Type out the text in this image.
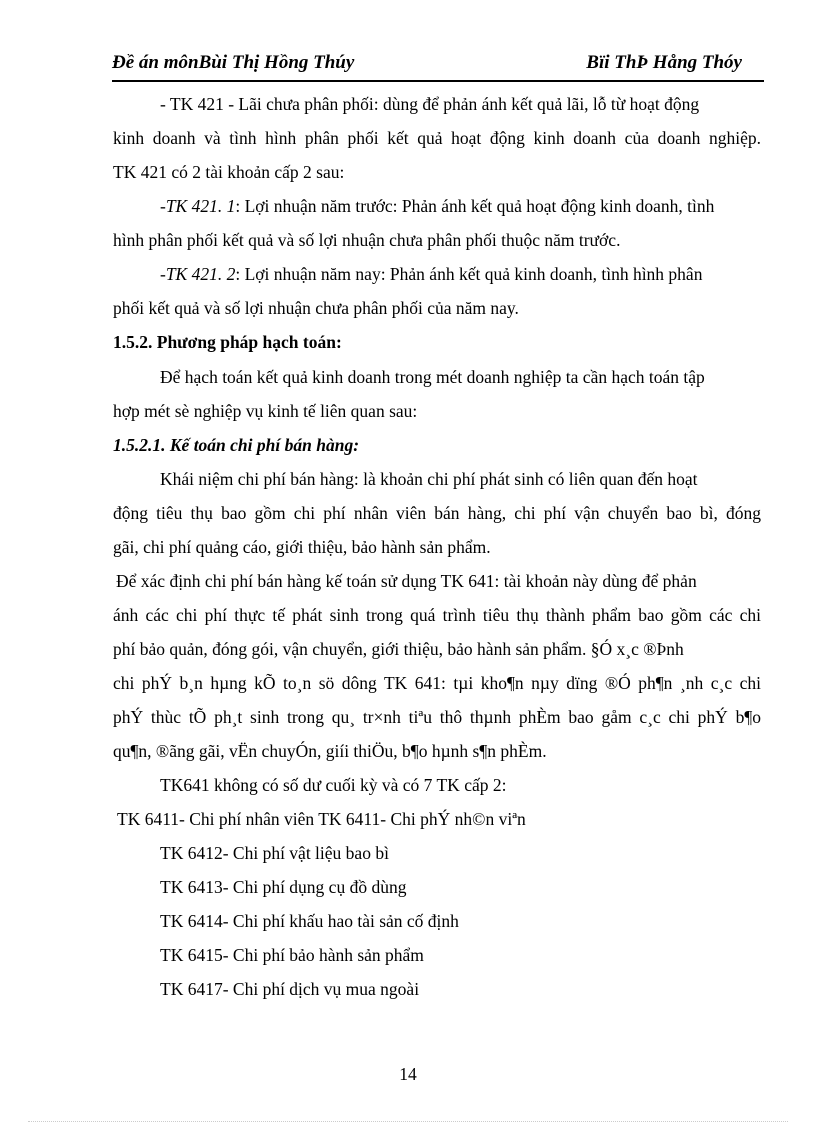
Đề án mônBùi Thị Hồng Thúy	Bïi ThÞ Hång Thóy
- TK 421 - Lãi chưa phân phối: dùng để phản ánh kết quả lãi, lỗ từ hoạt động
kinh doanh và tình hình phân phối kết quả hoạt động kinh doanh của doanh nghiệp.
TK 421 có 2 tài khoản cấp 2 sau:
-TK 421. 1: Lợi nhuận năm trước: Phản ánh kết quả hoạt động kinh doanh, tình
hình phân phối kết quả và số lợi nhuận chưa phân phối thuộc năm trước.
-TK 421. 2: Lợi nhuận năm nay: Phản ánh kết quả kinh doanh, tình hình phân
phối kết quả và số lợi nhuận chưa phân phối của năm nay.
1.5.2. Phương pháp hạch toán:
Để hạch toán kết quả kinh doanh trong mét doanh nghiệp ta cần hạch toán tập
hợp mét sè nghiệp vụ kinh tế liên quan sau:
1.5.2.1. Kế toán chi phí bán hàng:
Khái niệm chi phí bán hàng: là khoản chi phí phát sinh có liên quan đến hoạt
động tiêu thụ bao gồm chi phí nhân viên bán hàng, chi phí vận chuyển bao bì, đóng
gãi, chi phí quảng cáo, giới thiệu, bảo hành sản phẩm.
Để xác định chi phí bán hàng kế toán sử dụng TK 641: tài khoản này dùng để phản
ánh các chi phí thực tế phát sinh trong quá trình tiêu thụ thành phẩm bao gồm các chi
phí bảo quản, đóng gói, vận chuyển, giới thiệu, bảo hành sản phẩm. §Ó x¸c ®Þnh
chi phÝ b¸n hµng kÕ to¸n sö dông TK 641: tµi kho¶n nµy dïng ®Ó ph¶n ¸nh c¸c chi
phÝ thùc tÕ ph¸t sinh trong qu¸ tr×nh tiªu thô thµnh phÈm bao gåm c¸c chi phÝ b¶o
qu¶n, ®ãng gãi, vËn chuyÓn, giíi thiÖu, b¶o hµnh s¶n phÈm.
TK641 không có số dư cuối kỳ và có 7 TK cấp 2:
TK 6411- Chi phí nhân viên TK 6411- Chi phÝ nh©n viªn
TK 6412- Chi phí vật liệu bao bì
TK 6413- Chi phí dụng cụ đồ dùng
TK 6414- Chi phí khấu hao tài sản cố định
TK 6415- Chi phí bảo hành sản phẩm
TK 6417- Chi phí dịch vụ mua ngoài
14
